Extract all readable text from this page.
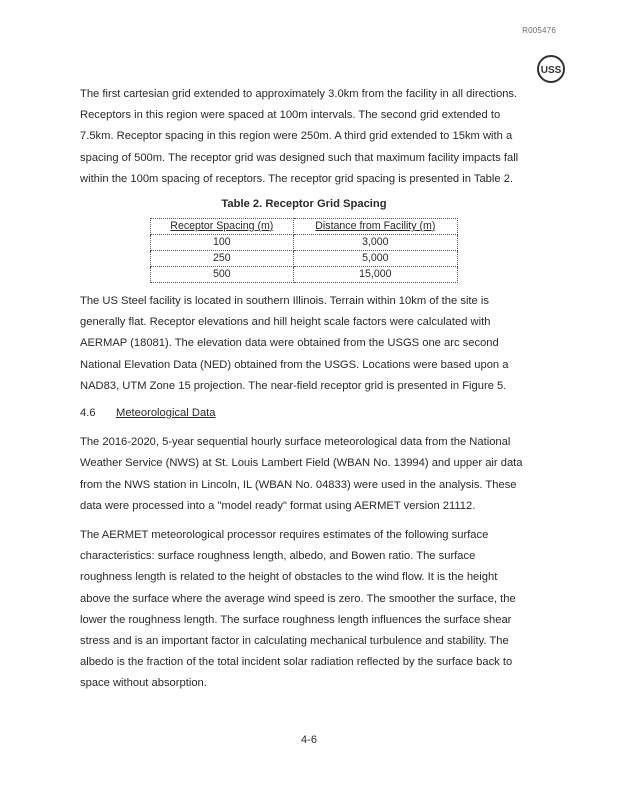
R005476
USS

The first cartesian grid extended to approximately 3.0km from the facility in all directions. Receptors in this region were spaced at 100m intervals. The second grid extended to 7.5km. Receptor spacing in this region were 250m. A third grid extended to 15km with a spacing of 500m. The receptor grid was designed such that maximum facility impacts fall within the 100m spacing of receptors. The receptor grid spacing is presented in Table 2.

Table 2. Receptor Grid Spacing
Receptor Spacing (m)	Distance from Facility (m)
100	3,000
250	5,000
500	15,000

The US Steel facility is located in southern Illinois. Terrain within 10km of the site is generally flat. Receptor elevations and hill height scale factors were calculated with AERMAP (18081). The elevation data were obtained from the USGS one arc second National Elevation Data (NED) obtained from the USGS. Locations were based upon a NAD83, UTM Zone 15 projection. The near-field receptor grid is presented in Figure 5.

4.6 Meteorological Data

The 2016-2020, 5-year sequential hourly surface meteorological data from the National Weather Service (NWS) at St. Louis Lambert Field (WBAN No. 13994) and upper air data from the NWS station in Lincoln, IL (WBAN No. 04833) were used in the analysis. These data were processed into a "model ready" format using AERMET version 21112.

The AERMET meteorological processor requires estimates of the following surface characteristics: surface roughness length, albedo, and Bowen ratio. The surface roughness length is related to the height of obstacles to the wind flow. It is the height above the surface where the average wind speed is zero. The smoother the surface, the lower the roughness length. The surface roughness length influences the surface shear stress and is an important factor in calculating mechanical turbulence and stability. The albedo is the fraction of the total incident solar radiation reflected by the surface back to space without absorption.

4-6
